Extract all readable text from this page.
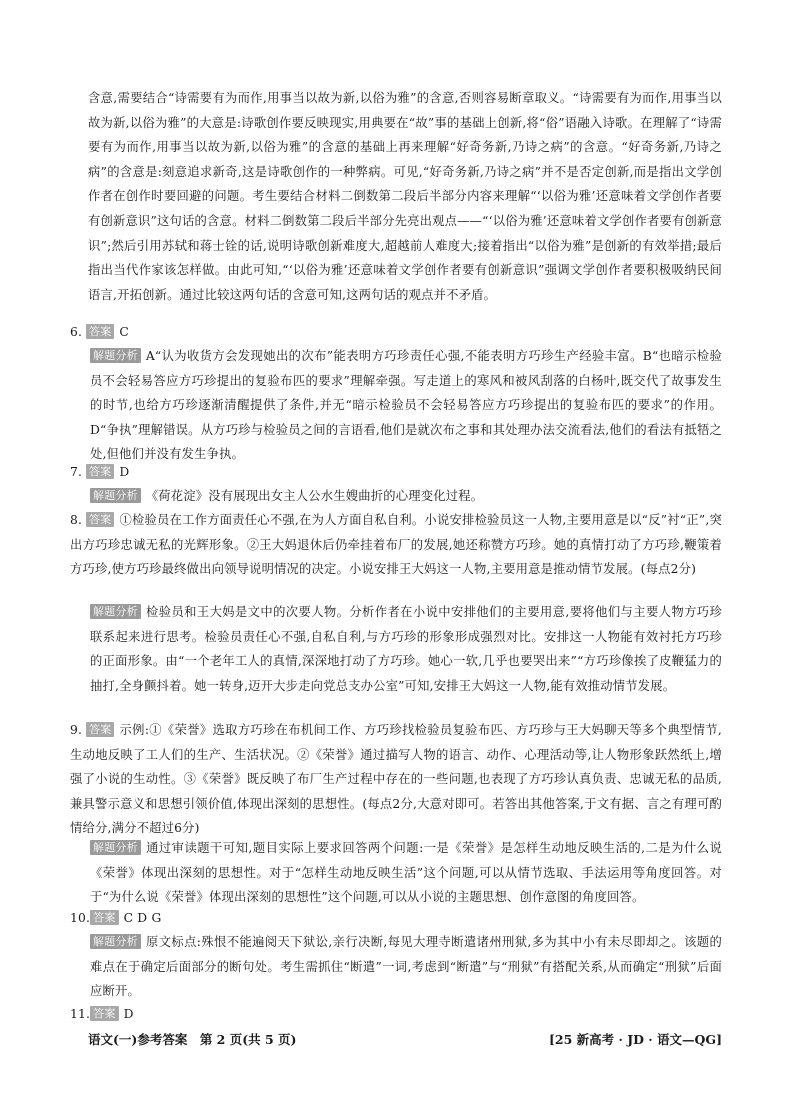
含意,需要结合“诗需要有为而作,用事当以故为新,以俗为雅”的含意,否则容易断章取义。“诗需要有为而作,用事当以故为新,以俗为雅”的大意是:诗歌创作要反映现实,用典要在“故”事的基础上创新,将“俗”语融入诗歌。在理解了“诗需要有为而作,用事当以故为新,以俗为雅”的含意的基础上再来理解“好奇务新,乃诗之病”的含意。“好奇务新,乃诗之病”的含意是:刻意追求新奇,这是诗歌创作的一种弊病。可见,“好奇务新,乃诗之病”并不是否定创新,而是指出文学创作者在创作时要回避的问题。考生要结合材料二倒数第二段后半部分内容来理解“‘以俗为雅’还意味着文学创作者要有创新意识”这句话的含意。材料二倒数第二段后半部分先亮出观点——“‘以俗为雅’还意味着文学创作者要有创新意识”;然后引用苏轼和蒋士铨的话,说明诗歌创新难度大,超越前人难度大;接着指出“以俗为雅”是创新的有效举措;最后指出当代作家该怎样做。由此可知,“‘以俗为雅’还意味着文学创作者要有创新意识”强调文学创作者要积极吸纳民间语言,开拓创新。通过比较这两句话的含意可知,这两句话的观点并不矛盾。
6. 答案 C
解题分析 A“认为收货方会发现她出的次布”能表明方巧珍责任心强,不能表明方巧珍生产经验丰富。B“也暗示检验员不会轻易答应方巧珍提出的复验布匹的要求”理解牵强。写走道上的寒风和被风刮落的白杨叶,既交代了故事发生的时节,也给方巧珍逐渐清醒提供了条件,并无“暗示检验员不会轻易答应方巧珍提出的复验布匹的要求”的作用。D“争执”理解错误。从方巧珍与检验员之间的言语看,他们是就次布之事和其处理办法交流看法,他们的看法有抵牾之处,但他们并没有发生争执。
7. 答案 D
解题分析 《荷花淀》没有展现出女主人公水生嫂曲折的心理变化过程。
8. 答案 ①检验员在工作方面责任心不强,在为人方面自私自利。小说安排检验员这一人物,主要用意是以“反”衬“正”,突出方巧珍忠诚无私的光辉形象。②王大妈退休后仍牵挂着布厂的发展,她还称赞方巧珍。她的真情打动了方巧珍,鞭策着方巧珍,使方巧珍最终做出向领导说明情况的决定。小说安排王大妈这一人物,主要用意是推动情节发展。(每点2分)
解题分析 检验员和王大妈是文中的次要人物。分析作者在小说中安排他们的主要用意,要将他们与主要人物方巧珍联系起来进行思考。检验员责任心不强,自私自利,与方巧珍的形象形成强烈对比。安排这一人物能有效衬托方巧珍的正面形象。由“一个老年工人的真情,深深地打动了方巧珍。她心一软,几乎也要哭出来”“方巧珍像挨了皮鞭猛力的抽打,全身颤抖着。她一转身,迈开大步走向党总支办公室”可知,安排王大妈这一人物,能有效推动情节发展。
9. 答案 示例:①《荣誉》选取方巧珍在布机间工作、方巧珍找检验员复验布匹、方巧珍与王大妈聊天等多个典型情节,生动地反映了工人们的生产、生活状况。②《荣誉》通过描写人物的语言、动作、心理活动等,让人物形象跃然纸上,增强了小说的生动性。③《荣誉》既反映了布厂生产过程中存在的一些问题,也表现了方巧珍认真负责、忠诚无私的品质,兼具警示意义和思想引领价值,体现出深刻的思想性。(每点2分,大意对即可。若答出其他答案,于文有据、言之有理可酌情给分,满分不超过6分)
解题分析 通过审读题干可知,题目实际上要求回答两个问题:一是《荣誉》是怎样生动地反映生活的,二是为什么说《荣誉》体现出深刻的思想性。对于“怎样生动地反映生活”这个问题,可以从情节选取、手法运用等角度回答。对于“为什么说《荣誉》体现出深刻的思想性”这个问题,可以从小说的主题思想、创作意图的角度回答。
10. 答案 C D G
解题分析 原文标点:殊恨不能遍阅天下狱讼,亲行决断,每见大理寺断遣诸州刑狱,多为其中小有未尽即却之。该题的难点在于确定后面部分的断句处。考生需抓住“断遣”一词,考虑到“断遣”与“刑狱”有搭配关系,从而确定“刑狱”后面应断开。
11. 答案 D
语文(一)参考答案　第 2 页(共 5 页)	[25 新高考 · JD · 语文—QG]
